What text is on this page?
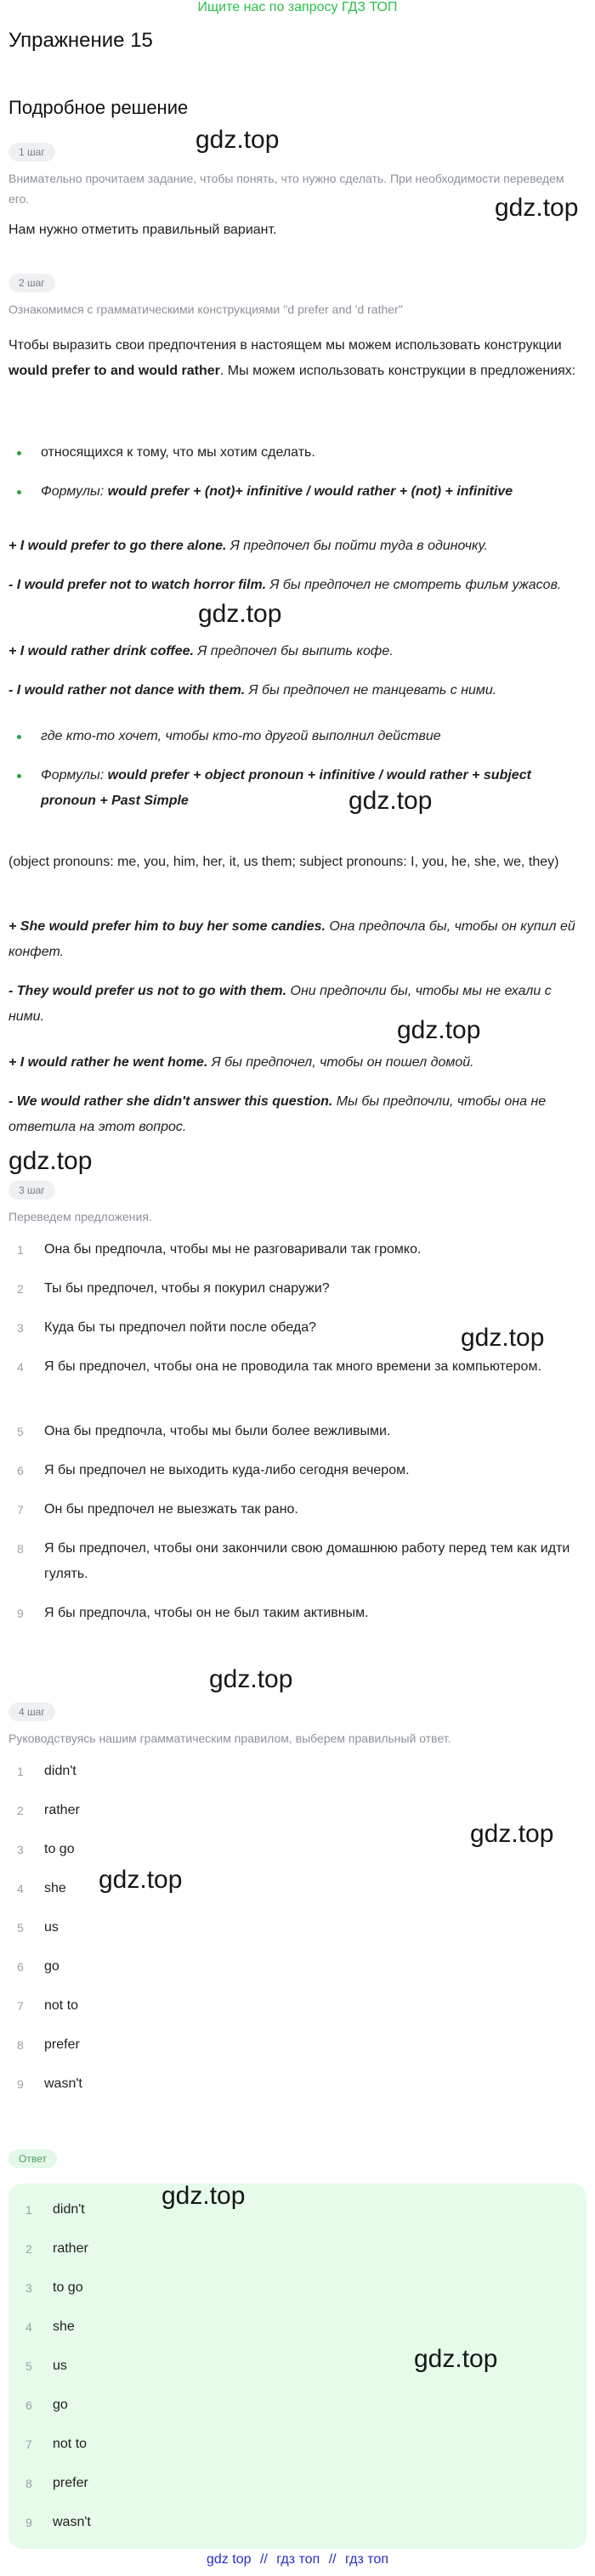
Ищите нас по запросу ГДЗ ТОП
Упражнение 15
Подробное решение
gdz.top
1 шаг
Внимательно прочитаем задание, чтобы понять, что нужно сделать. При необходимости переведем его.	gdz.top
Нам нужно отметить правильный вариант.
2 шаг
Ознакомимся с грамматическими конструкциями ''d prefer and 'd rather''
Чтобы выразить свои предпочтения в настоящем мы можем использовать конструкции would prefer to and would rather. Мы можем использовать конструкции в предложениях:
относящихся к тому, что мы хотим сделать.
Формулы: would prefer + (not)+ infinitive / would rather + (not) + infinitive
+ I would prefer to go there alone. Я предпочел бы пойти туда в одиночку.
- I would prefer not to watch horror film. Я бы предпочел не смотреть фильм ужасов.
gdz.top
+ I would rather drink coffee. Я предпочел бы выпить кофе.
- I would rather not dance with them. Я бы предпочел не танцевать с ними.
где кто-то хочет, чтобы кто-то другой выполнил действие
Формулы: would prefer + object pronoun + infinitive / would rather + subject pronoun + Past Simple	gdz.top
(object pronouns: me, you, him, her, it, us them; subject pronouns: I, you, he, she, we, they)
+ She would prefer him to buy her some candies. Она предпочла бы, чтобы он купил ей конфет.
- They would prefer us not to go with them. Они предпочли бы, чтобы мы не ехали с ними.	gdz.top
+ I would rather he went home. Я бы предпочел, чтобы он пошел домой.
- We would rather she didn't answer this question. Мы бы предпочли, чтобы она не ответила на этот вопрос.
gdz.top
3 шаг
Переведем предложения.
1	Она бы предпочла, чтобы мы не разговаривали так громко.
2	Ты бы предпочел, чтобы я покурил снаружи?
3	Куда бы ты предпочел пойти после обеда?	gdz.top
4	Я бы предпочел, чтобы она не проводила так много времени за компьютером.
5	Она бы предпочла, чтобы мы были более вежливыми.
6	Я бы предпочел не выходить куда-либо сегодня вечером.
7	Он бы предпочел не выезжать так рано.
8	Я бы предпочел, чтобы они закончили свою домашнюю работу перед тем как идти гулять.
9	Я бы предпочла, чтобы он не был таким активным.
gdz.top
4 шаг
Руководствуясь нашим грамматическим правилом, выберем правильный ответ.
1	didn't
2	rather
gdz.top
3	to go
4	she	gdz.top
5	us
6	go
7	not to
8	prefer
9	wasn't
Ответ
gdz.top
1	didn't
2	rather
3	to go
4	she
5	us	gdz.top
6	go
7	not to
8	prefer
9	wasn't
gdz top // гдз топ // гдз топ
